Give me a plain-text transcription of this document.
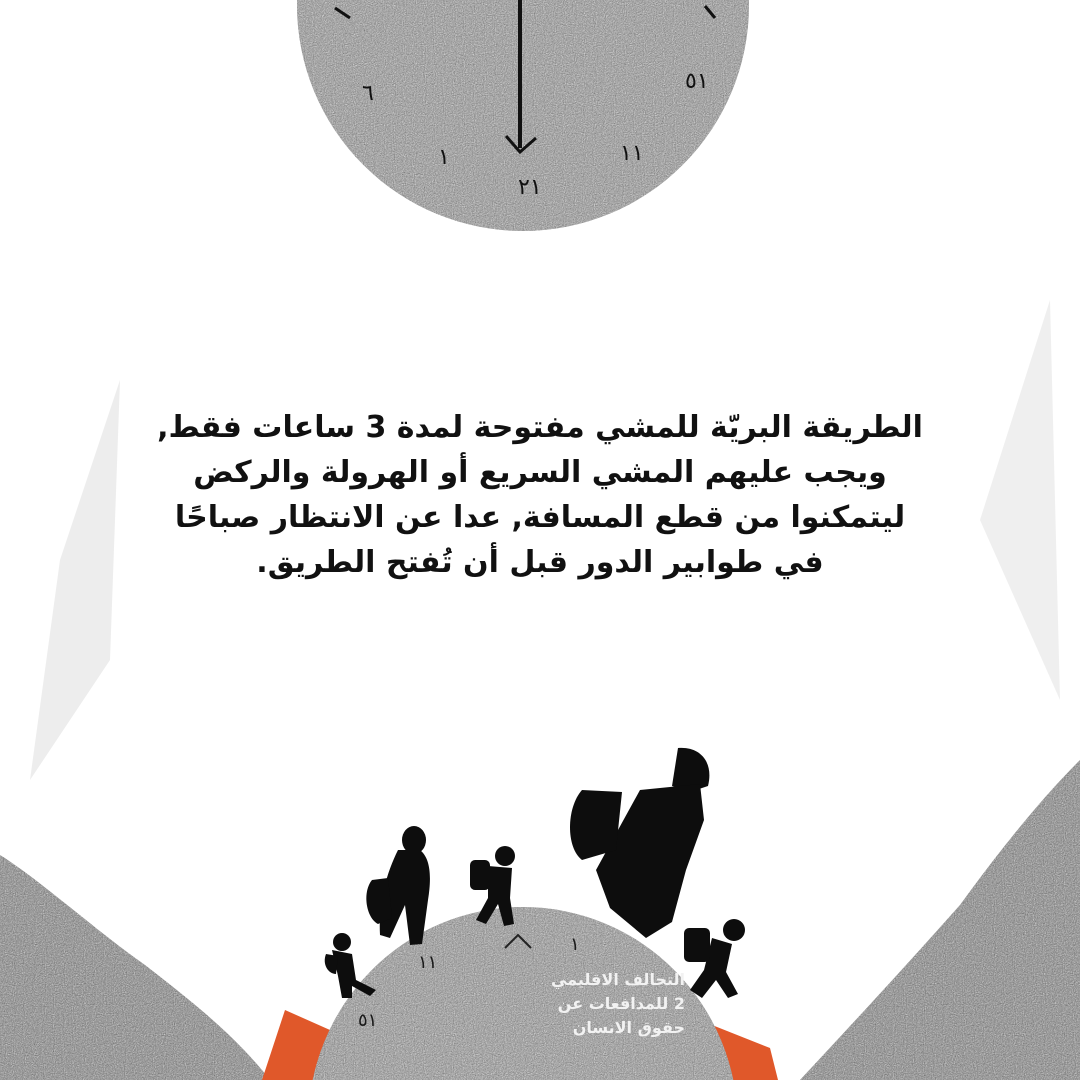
٦	٥١
١١
٢١
١
١
١١
٥١
الطريقة البريّة للمشي مفتوحة لمدة 3 ساعات فقط,
ويجب عليهم المشي السريع أو الهرولة والركض
ليتمكنوا من قطع المسافة, عدا عن الانتظار صباحًا
في طوابير الدور قبل أن تُفتح الطريق.
التحالف الاقليمي
2 للمدافعات عن
حقوق الانسان
